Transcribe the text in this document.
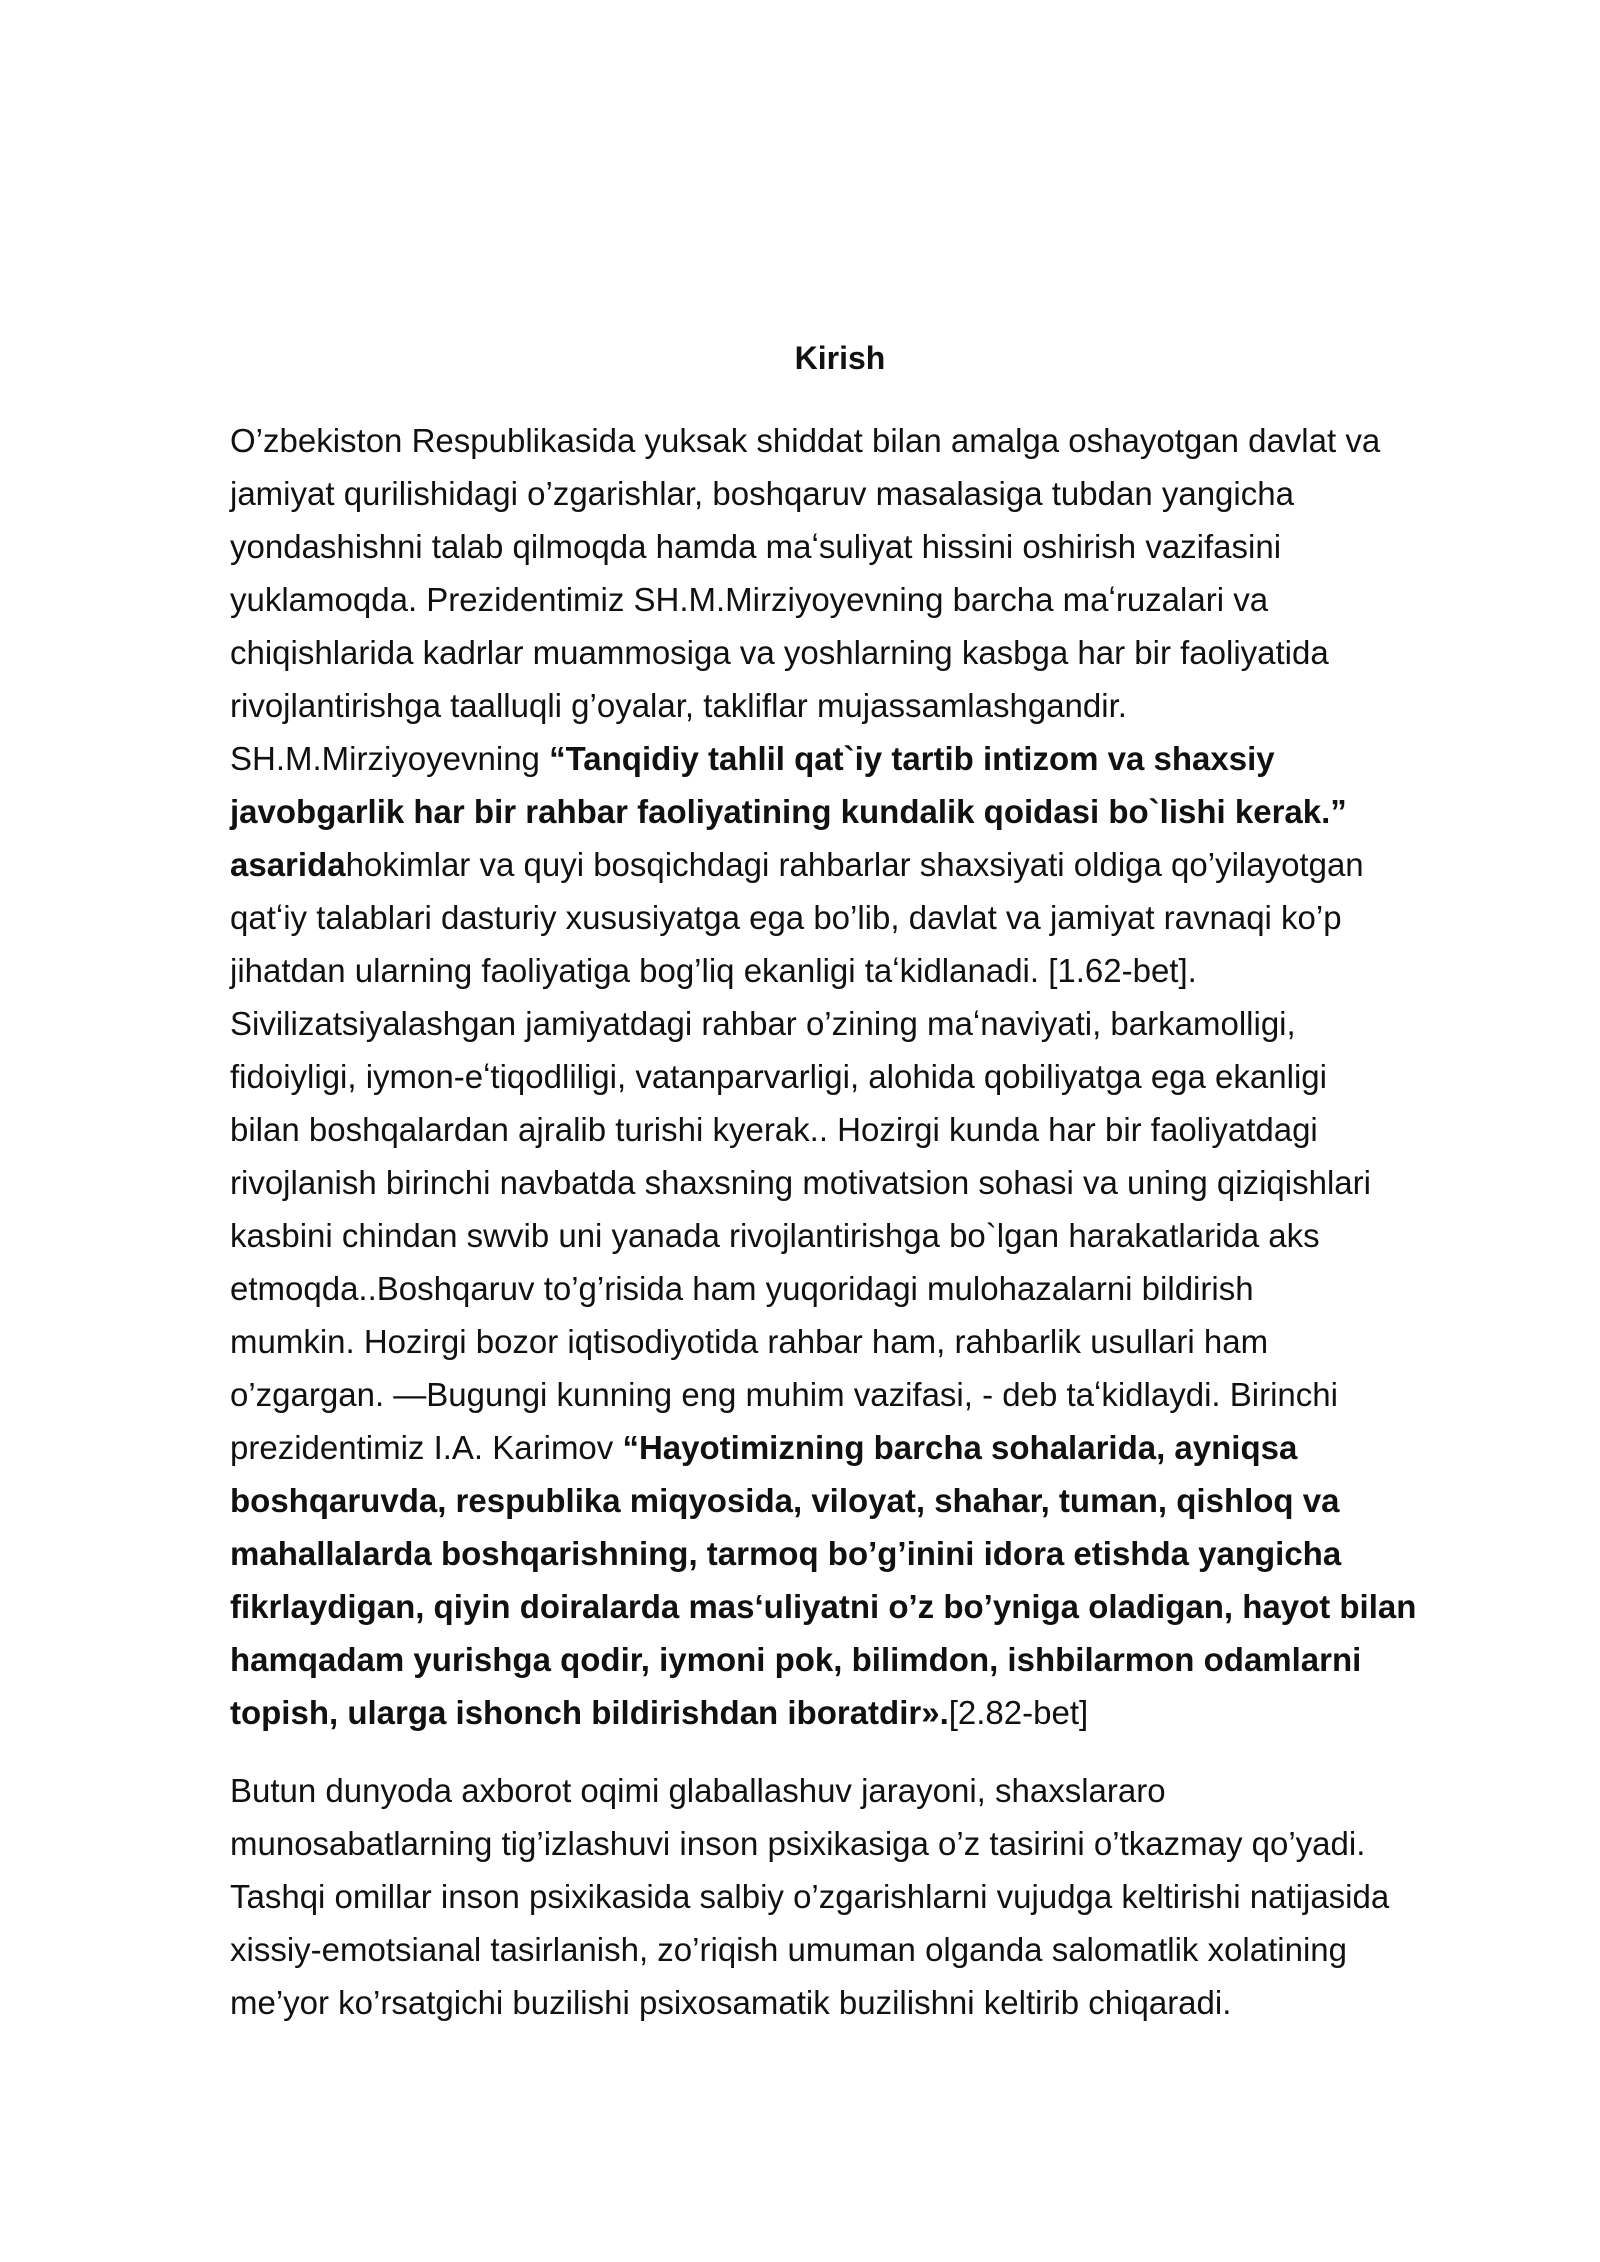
Kirish
O’zbekiston Respublikasida yuksak shiddat bilan amalga oshayotgan davlat va
jamiyat qurilishidagi o’zgarishlar, boshqaruv masalasiga tubdan yangicha
yondashishni talab qilmoqda hamda maʻsuliyat hissini oshirish vazifasini
yuklamoqda. Prezidentimiz SH.M.Mirziyoyevning barcha maʻruzalari va
chiqishlarida kadrlar muammosiga va yoshlarning kasbga har bir faoliyatida
rivojlantirishga taalluqli g’oyalar, takliflar mujassamlashgandir.
SH.M.Mirziyoyevning “Tanqidiy tahlil qat`iy tartib intizom va shaxsiy
javobgarlik har bir rahbar faoliyatining kundalik qoidasi bo`lishi kerak.”
asaridahokimlar va quyi bosqichdagi rahbarlar shaxsiyati oldiga qo’yilayotgan
qatʻiy talablari dasturiy xususiyatga ega bo’lib, davlat va jamiyat ravnaqi ko’p
jihatdan ularning faoliyatiga bog’liq ekanligi taʻkidlanadi. [1.62-bet].
Sivilizatsiyalashgan jamiyatdagi rahbar o’zining maʻnaviyati, barkamolligi,
fidoiyligi, iymon-eʻtiqodliligi, vatanparvarligi, alohida qobiliyatga ega ekanligi
bilan boshqalardan ajralib turishi kyerak.. Hozirgi kunda har bir faoliyatdagi
rivojlanish birinchi navbatda shaxsning motivatsion sohasi va uning qiziqishlari
kasbini chindan swvib uni yanada rivojlantirishga bo`lgan harakatlarida aks
etmoqda..Boshqaruv to’g’risida ham yuqoridagi mulohazalarni bildirish
mumkin. Hozirgi bozor iqtisodiyotida rahbar ham, rahbarlik usullari ham
o’zgargan. ―Bugungi kunning eng muhim vazifasi, - deb taʻkidlaydi. Birinchi
prezidentimiz I.A. Karimov “Hayotimizning barcha sohalarida, ayniqsa
boshqaruvda, respublika miqyosida, viloyat, shahar, tuman, qishloq va
mahallalarda boshqarishning, tarmoq bo’g’inini idora etishda yangicha
fikrlaydigan, qiyin doiralarda masʻuliyatni o’z bo’yniga oladigan, hayot bilan
hamqadam yurishga qodir, iymoni pok, bilimdon, ishbilarmon odamlarni
topish, ularga ishonch bildirishdan iboratdir».[2.82-bet]
Butun dunyoda axborot oqimi glaballashuv jarayoni, shaxslararo
munosabatlarning tig’izlashuvi inson psixikasiga o’z tasirini o’tkazmay qo’yadi.
Tashqi omillar inson psixikasida salbiy o’zgarishlarni vujudga keltirishi natijasida
xissiy-emotsianal tasirlanish, zo’riqish umuman olganda salomatlik xolatining
me’yor ko’rsatgichi buzilishi psixosamatik buzilishni keltirib chiqaradi.
